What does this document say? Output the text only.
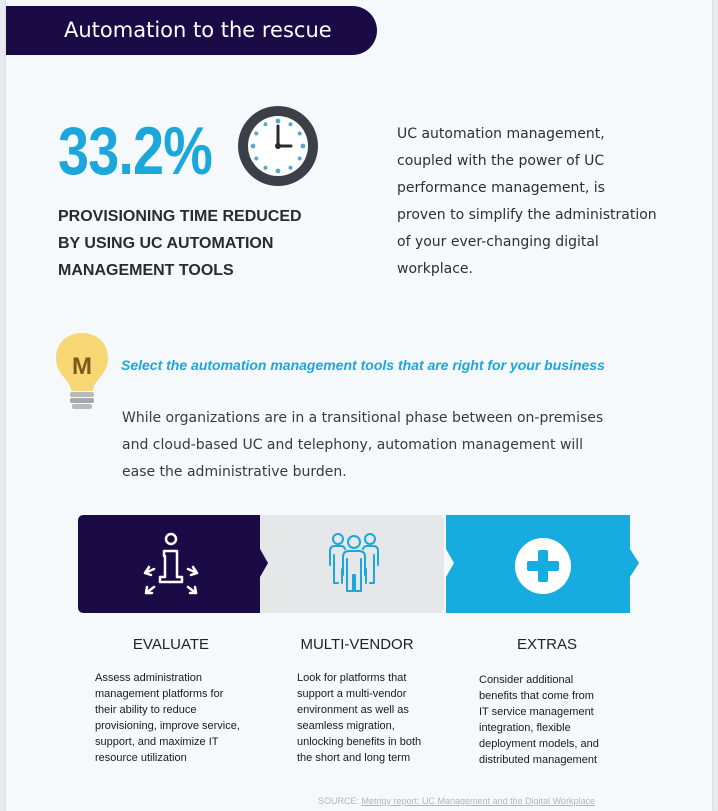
Automation to the rescue
33.2%
PROVISIONING TIME REDUCED
BY USING UC AUTOMATION
MANAGEMENT TOOLS
UC automation management,
coupled with the power of UC
performance management, is
proven to simplify the administration
of your ever-changing digital
workplace.
M Select the automation management tools that are right for your business
While organizations are in a transitional phase between on-premises
and cloud-based UC and telephony, automation management will
ease the administrative burden.
EVALUATE	MULTI-VENDOR	EXTRAS
Assess administration
management platforms for
their ability to reduce
provisioning, improve service,
support, and maximize IT
resource utilization
Look for platforms that
support a multi-vendor
environment as well as
seamless migration,
unlocking benefits in both
the short and long term
Consider additional
benefits that come from
IT service management
integration, flexible
deployment models, and
distributed management
SOURCE: Metrigy report: UC Management and the Digital Workplace
